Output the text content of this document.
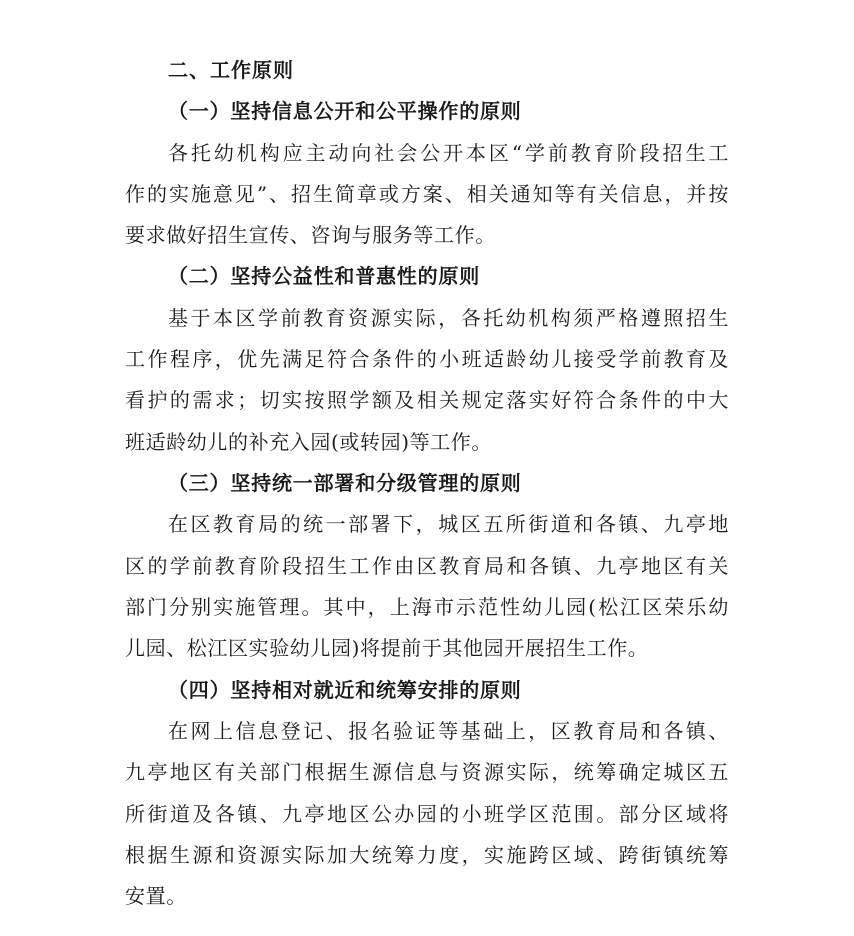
二、工作原则
（一）坚持信息公开和公平操作的原则
各托幼机构应主动向社会公开本区“学前教育阶段招生工
作的实施意见”、招生简章或方案、相关通知等有关信息，并按
要求做好招生宣传、咨询与服务等工作。
（二）坚持公益性和普惠性的原则
基于本区学前教育资源实际，各托幼机构须严格遵照招生
工作程序，优先满足符合条件的小班适龄幼儿接受学前教育及
看护的需求；切实按照学额及相关规定落实好符合条件的中大
班适龄幼儿的补充入园(或转园)等工作。
（三）坚持统一部署和分级管理的原则
在区教育局的统一部署下，城区五所街道和各镇、九亭地
区的学前教育阶段招生工作由区教育局和各镇、九亭地区有关
部门分别实施管理。其中，上海市示范性幼儿园(松江区荣乐幼
儿园、松江区实验幼儿园)将提前于其他园开展招生工作。
（四）坚持相对就近和统筹安排的原则
在网上信息登记、报名验证等基础上，区教育局和各镇、
九亭地区有关部门根据生源信息与资源实际，统筹确定城区五
所街道及各镇、九亭地区公办园的小班学区范围。部分区域将
根据生源和资源实际加大统筹力度，实施跨区域、跨街镇统筹
安置。
